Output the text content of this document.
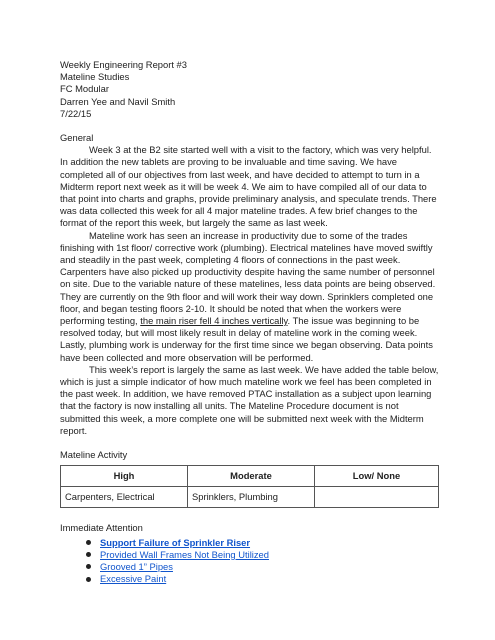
Weekly Engineering Report #3
Mateline Studies
FC Modular
Darren Yee and Navil Smith
7/22/15
General

Week 3 at the B2 site started well with a visit to the factory, which was very helpful. In addition the new tablets are proving to be invaluable and time saving. We have completed all of our objectives from last week, and have decided to attempt to turn in a Midterm report next week as it will be week 4. We aim to have compiled all of our data to that point into charts and graphs, provide preliminary analysis, and speculate trends. There was data collected this week for all 4 major mateline trades. A few brief changes to the format of the report this week, but largely the same as last week.

Mateline work has seen an increase in productivity due to some of the trades finishing with 1st floor/ corrective work (plumbing). Electrical matelines have moved swiftly and steadily in the past week, completing 4 floors of connections in the past week. Carpenters have also picked up productivity despite having the same number of personnel on site. Due to the variable nature of these matelines, less data points are being observed. They are currently on the 9th floor and will work their way down. Sprinklers completed one floor, and began testing floors 2-10. It should be noted that when the workers were performing testing, the main riser fell 4 inches vertically. The issue was beginning to be resolved today, but will most likely result in delay of mateline work in the coming week. Lastly, plumbing work is underway for the first time since we began observing. Data points have been collected and more observation will be performed.

This week’s report is largely the same as last week. We have added the table below, which is just a simple indicator of how much mateline work we feel has been completed in the past week. In addition, we have removed PTAC installation as a subject upon learning that the factory is now installing all units. The Mateline Procedure document is not submitted this week, a more complete one will be submitted next week with the Midterm report.

Mateline Activity
High	Moderate	Low/ None
Carpenters, Electrical	Sprinklers, Plumbing	
Immediate Attention
Support Failure of Sprinkler Riser
Provided Wall Frames Not Being Utilized
Grooved 1” Pipes
Excessive Paint
